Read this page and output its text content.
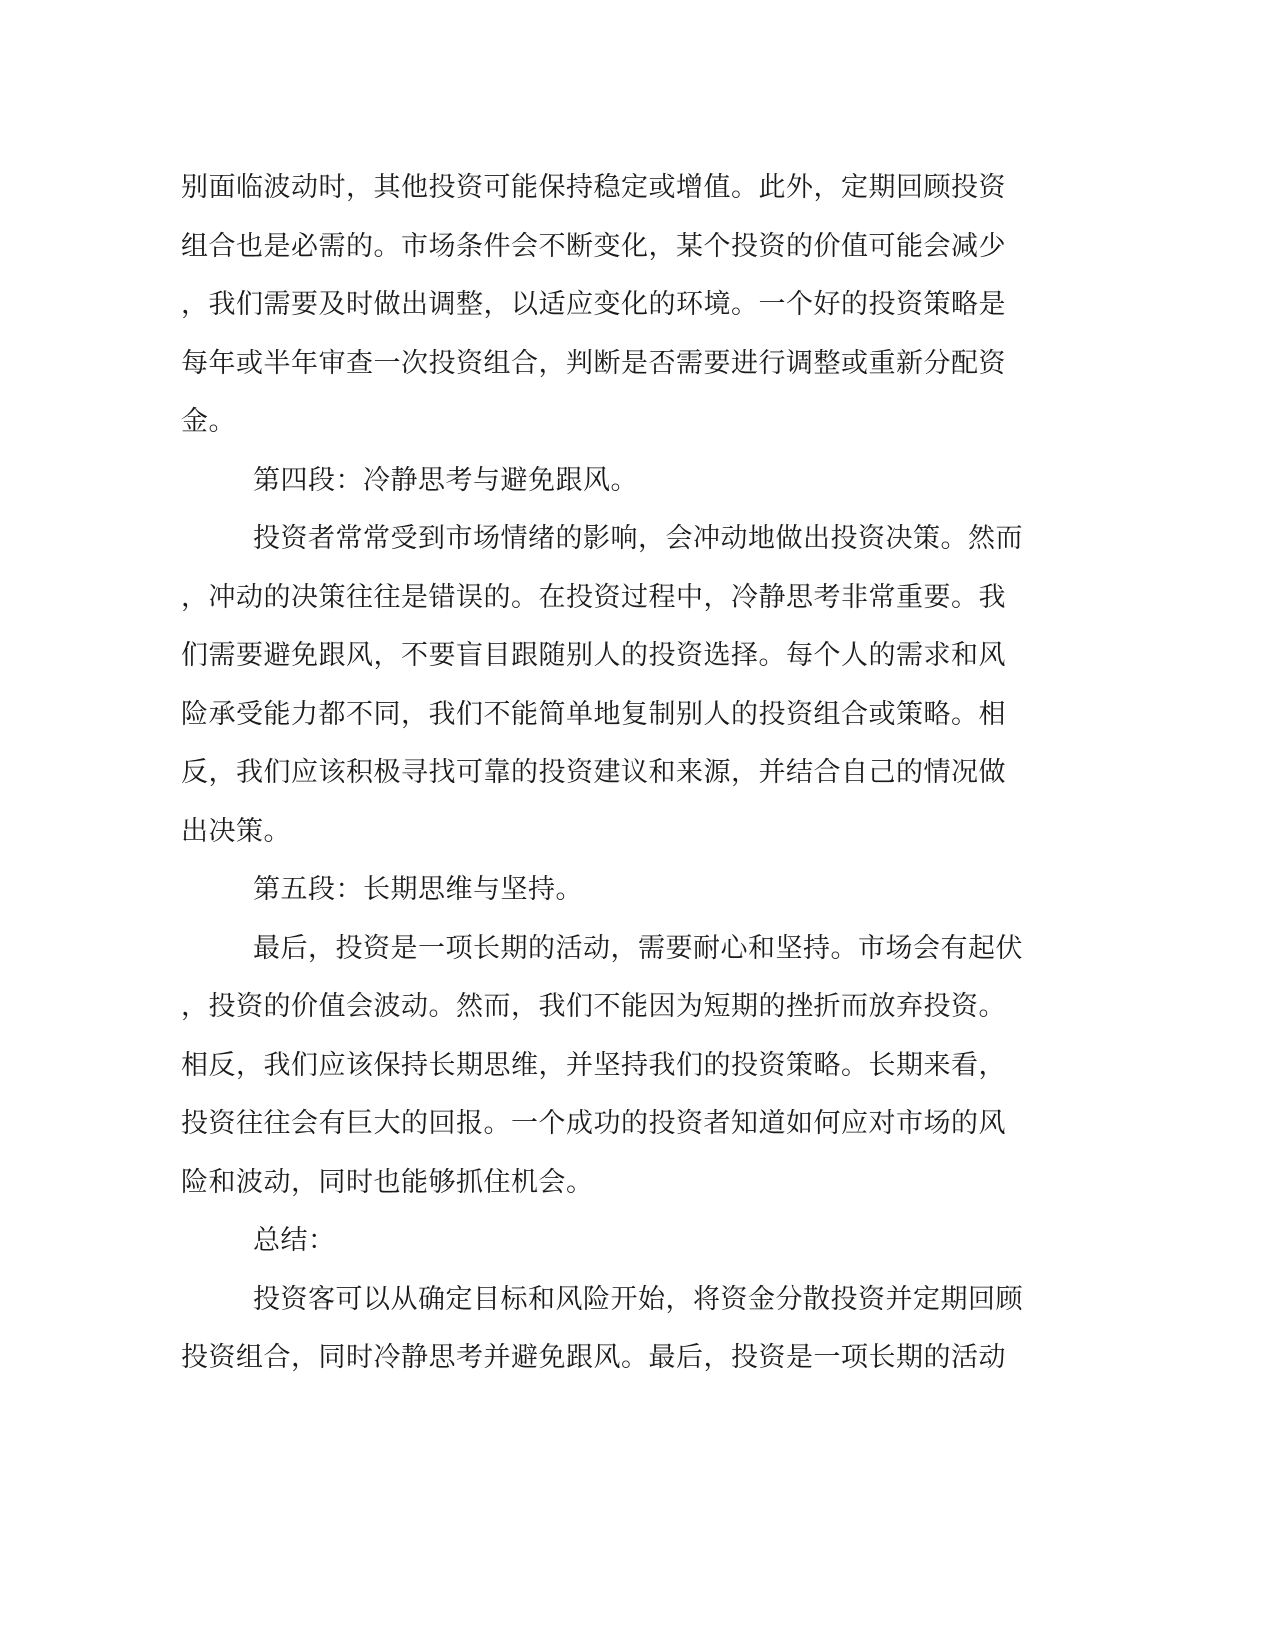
别面临波动时，其他投资可能保持稳定或增值。此外，定期回顾投资
组合也是必需的。市场条件会不断变化，某个投资的价值可能会减少
，我们需要及时做出调整，以适应变化的环境。一个好的投资策略是
每年或半年审查一次投资组合，判断是否需要进行调整或重新分配资
金。
第四段：冷静思考与避免跟风。
投资者常常受到市场情绪的影响，会冲动地做出投资决策。然而
，冲动的决策往往是错误的。在投资过程中，冷静思考非常重要。我
们需要避免跟风，不要盲目跟随别人的投资选择。每个人的需求和风
险承受能力都不同，我们不能简单地复制别人的投资组合或策略。相
反，我们应该积极寻找可靠的投资建议和来源，并结合自己的情况做
出决策。
第五段：长期思维与坚持。
最后，投资是一项长期的活动，需要耐心和坚持。市场会有起伏
，投资的价值会波动。然而，我们不能因为短期的挫折而放弃投资。
相反，我们应该保持长期思维，并坚持我们的投资策略。长期来看，
投资往往会有巨大的回报。一个成功的投资者知道如何应对市场的风
险和波动，同时也能够抓住机会。
总结：
投资客可以从确定目标和风险开始，将资金分散投资并定期回顾
投资组合，同时冷静思考并避免跟风。最后，投资是一项长期的活动
